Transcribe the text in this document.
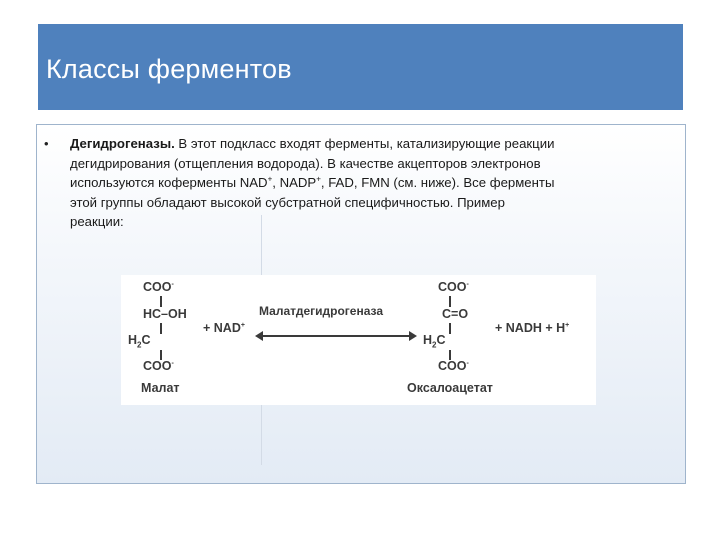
Классы ферментов
• Дегидрогеназы. В этот подкласс входят ферменты, катализирующие реакции
дегидрирования (отщепления водорода). В качестве акцепторов электронов
используются коферменты NAD+, NADP+, FAD, FMN (см. ниже). Все ферменты
этой группы обладают высокой субстратной специфичностью. Пример
реакции:
COO-
HC–OH
$H_2C$
COO-
Малат
+ NAD+
Малатдегидрогеназа
COO-
C=O
$H_2C$
COO-
Оксалоацетат
+ NADH + H+
